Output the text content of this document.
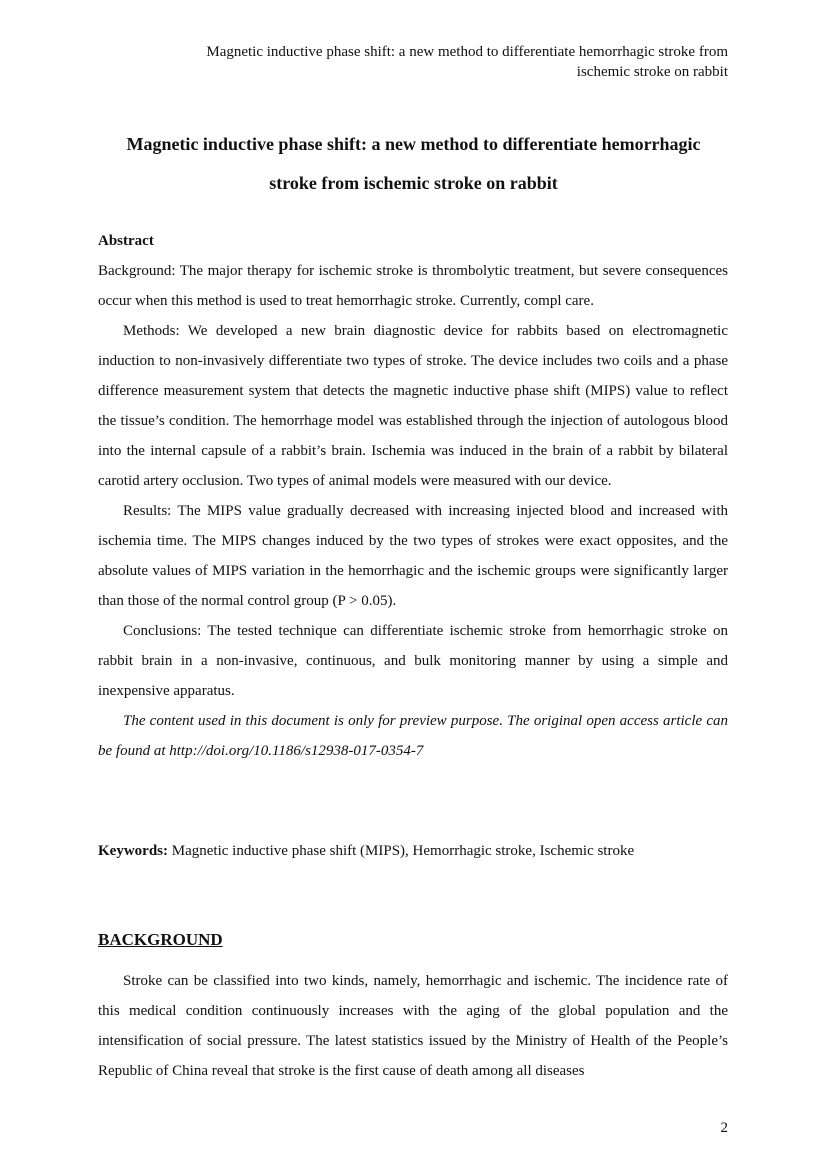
Magnetic inductive phase shift: a new method to differentiate hemorrhagic stroke from
ischemic stroke on rabbit
Magnetic inductive phase shift: a new method to differentiate hemorrhagic
stroke from ischemic stroke on rabbit
Abstract

Background: The major therapy for ischemic stroke is thrombolytic treatment, but severe consequences occur when this method is used to treat hemorrhagic stroke. Currently, compl care.

Methods: We developed a new brain diagnostic device for rabbits based on electromagnetic induction to non-invasively differentiate two types of stroke. The device includes two coils and a phase difference measurement system that detects the magnetic inductive phase shift (MIPS) value to reflect the tissue’s condition. The hemorrhage model was established through the injection of autologous blood into the internal capsule of a rabbit’s brain. Ischemia was induced in the brain of a rabbit by bilateral carotid artery occlusion. Two types of animal models were measured with our device.

Results: The MIPS value gradually decreased with increasing injected blood and increased with ischemia time. The MIPS changes induced by the two types of strokes were exact opposites, and the absolute values of MIPS variation in the hemorrhagic and the ischemic groups were significantly larger than those of the normal control group (P > 0.05).

Conclusions: The tested technique can differentiate ischemic stroke from hemorrhagic stroke on rabbit brain in a non-invasive, continuous, and bulk monitoring manner by using a simple and inexpensive apparatus.

The content used in this document is only for preview purpose. The original open access article can be found at http://doi.org/10.1186/s12938-017-0354-7

Keywords: Magnetic inductive phase shift (MIPS), Hemorrhagic stroke, Ischemic stroke
BACKGROUND

Stroke can be classified into two kinds, namely, hemorrhagic and ischemic. The incidence rate of this medical condition continuously increases with the aging of the global population and the intensification of social pressure. The latest statistics issued by the Ministry of Health of the People’s Republic of China reveal that stroke is the first cause of death among all diseases

2
